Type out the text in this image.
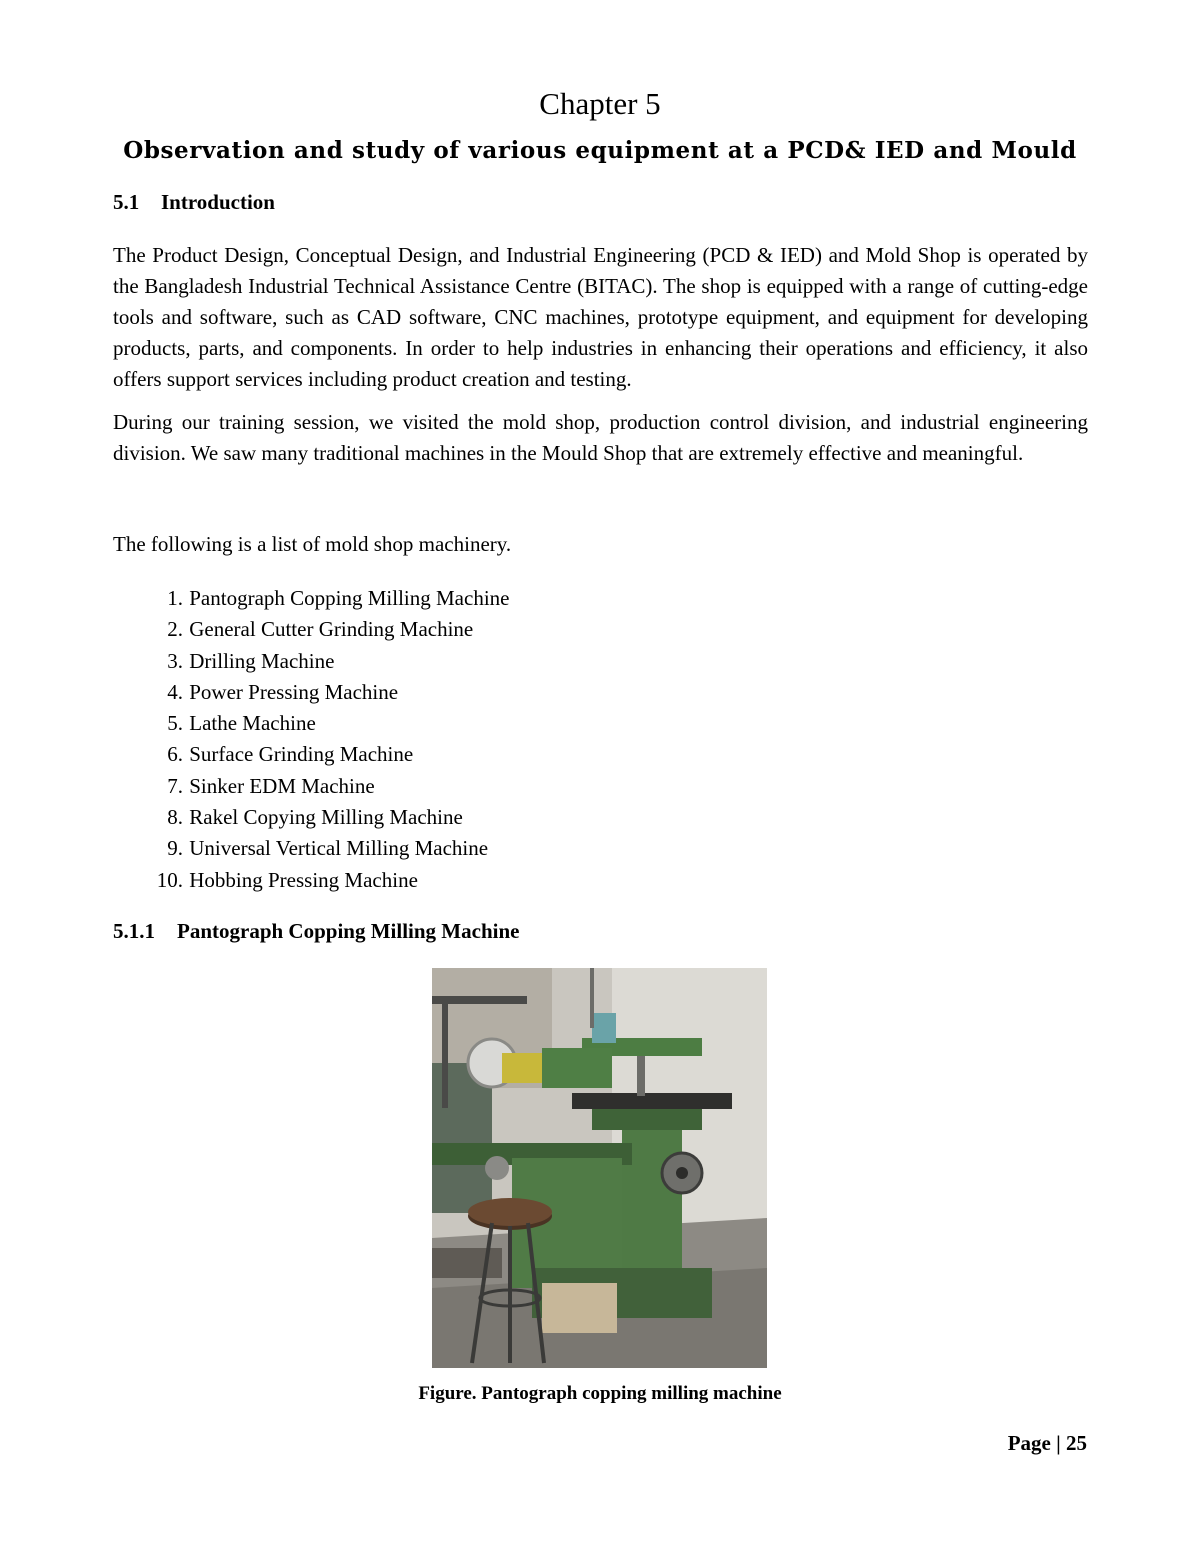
Chapter 5
Observation and study of various equipment at a PCD& IED and Mould
5.1 Introduction

The Product Design, Conceptual Design, and Industrial Engineering (PCD & IED) and Mold Shop is operated by the Bangladesh Industrial Technical Assistance Centre (BITAC). The shop is equipped with a range of cutting-edge tools and software, such as CAD software, CNC machines, prototype equipment, and equipment for developing products, parts, and components. In order to help industries in enhancing their operations and efficiency, it also offers support services including product creation and testing.

During our training session, we visited the mold shop, production control division, and industrial engineering division. We saw many traditional machines in the Mould Shop that are extremely effective and meaningful.

The following is a list of mold shop machinery.

1. Pantograph Copping Milling Machine
2. General Cutter Grinding Machine
3. Drilling Machine
4. Power Pressing Machine
5. Lathe Machine
6. Surface Grinding Machine
7. Sinker EDM Machine
8. Rakel Copying Milling Machine
9. Universal Vertical Milling Machine
10. Hobbing Pressing Machine
5.1.1 Pantograph Copping Milling Machine
Figure. Pantograph copping milling machine
Page | 25
